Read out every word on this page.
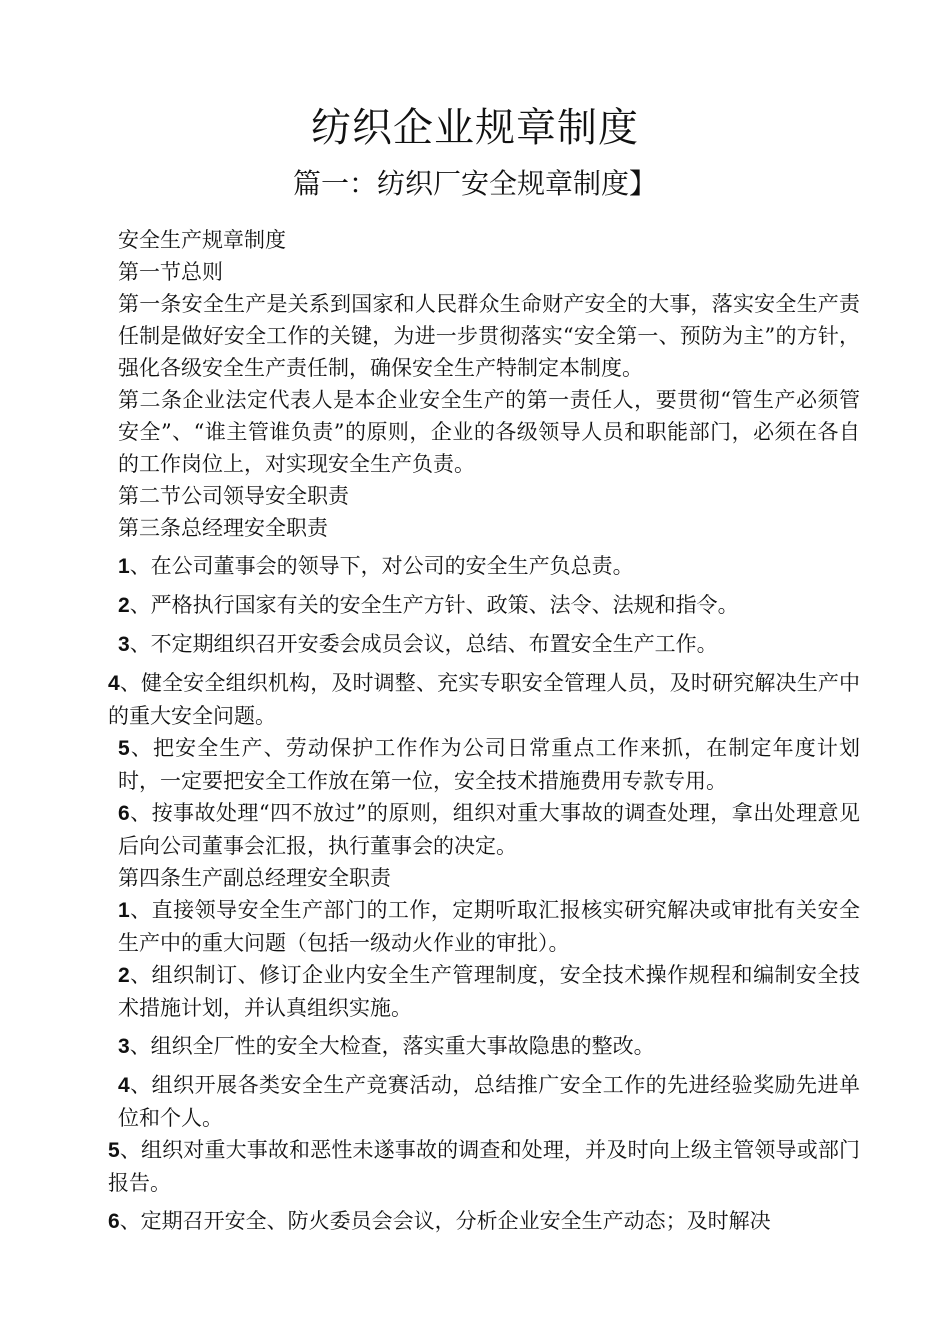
纺织企业规章制度
篇一：纺织厂安全规章制度】

安全生产规章制度

第一节总则

第一条安全生产是关系到国家和人民群众生命财产安全的大事，落实安全生产责任制是做好安全工作的关键，为进一步贯彻落实“安全第一、预防为主”的方针，强化各级安全生产责任制，确保安全生产特制定本制度。

第二条企业法定代表人是本企业安全生产的第一责任人，要贯彻“管生产必须管安全”、“谁主管谁负责”的原则，企业的各级领导人员和职能部门，必须在各自的工作岗位上，对实现安全生产负责。

第二节公司领导安全职责

第三条总经理安全职责

1、在公司董事会的领导下，对公司的安全生产负总责。

2、严格执行国家有关的安全生产方针、政策、法令、法规和指令。

3、不定期组织召开安委会成员会议，总结、布置安全生产工作。

4、健全安全组织机构，及时调整、充实专职安全管理人员，及时研究解决生产中的重大安全问题。

5、把安全生产、劳动保护工作作为公司日常重点工作来抓，在制定年度计划时，一定要把安全工作放在第一位，安全技术措施费用专款专用。

6、按事故处理“四不放过”的原则，组织对重大事故的调查处理，拿出处理意见后向公司董事会汇报，执行董事会的决定。

第四条生产副总经理安全职责

1、直接领导安全生产部门的工作，定期听取汇报核实研究解决或审批有关安全生产中的重大问题（包括一级动火作业的审批）。

2、组织制订、修订企业内安全生产管理制度，安全技术操作规程和编制安全技术措施计划，并认真组织实施。

3、组织全厂性的安全大检查，落实重大事故隐患的整改。

4、组织开展各类安全生产竞赛活动，总结推广安全工作的先进经验奖励先进单位和个人。

5、组织对重大事故和恶性未遂事故的调查和处理，并及时向上级主管领导或部门报告。

6、定期召开安全、防火委员会会议，分析企业安全生产动态；及时解决
